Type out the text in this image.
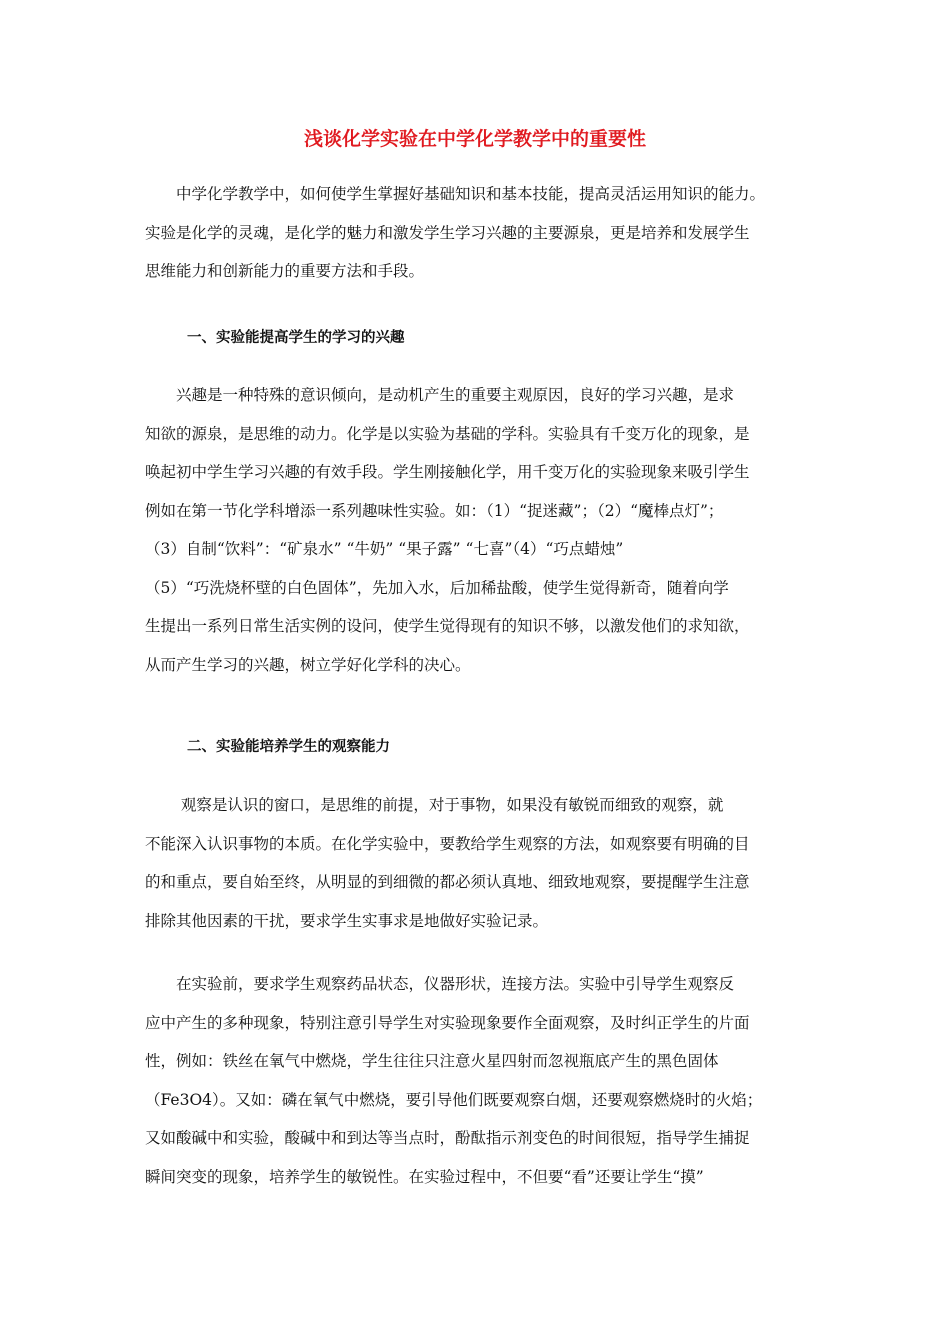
浅谈化学实验在中学化学教学中的重要性
　　中学化学教学中，如何使学生掌握好基础知识和基本技能，提高灵活运用知识的能力。
实验是化学的灵魂，是化学的魅力和激发学生学习兴趣的主要源泉，更是培养和发展学生
思维能力和创新能力的重要方法和手段。
一、实验能提高学生的学习的兴趣
　　兴趣是一种特殊的意识倾向，是动机产生的重要主观原因，良好的学习兴趣，是求
知欲的源泉，是思维的动力。化学是以实验为基础的学科。实验具有千变万化的现象，是
唤起初中学生学习兴趣的有效手段。学生刚接触化学，用千变万化的实验现象来吸引学生
例如在第一节化学科增添一系列趣味性实验。如：（1）“捉迷藏”；（2）“魔棒点灯”；
（3）自制“饮料”：“矿泉水” “牛奶” “果子露” “七喜”（4）“巧点蜡烛”
（5）“巧洗烧杯壁的白色固体”，先加入水，后加稀盐酸，使学生觉得新奇，随着向学
生提出一系列日常生活实例的设问，使学生觉得现有的知识不够，以激发他们的求知欲，
从而产生学习的兴趣，树立学好化学科的决心。
二、实验能培养学生的观察能力
　　 观察是认识的窗口，是思维的前提，对于事物，如果没有敏锐而细致的观察，就
不能深入认识事物的本质。在化学实验中，要教给学生观察的方法，如观察要有明确的目
的和重点，要自始至终，从明显的到细微的都必须认真地、细致地观察，要提醒学生注意
排除其他因素的干扰，要求学生实事求是地做好实验记录。
　　在实验前，要求学生观察药品状态，仪器形状，连接方法。实验中引导学生观察反
应中产生的多种现象，特别注意引导学生对实验现象要作全面观察，及时纠正学生的片面
性，例如：铁丝在氧气中燃烧，学生往往只注意火星四射而忽视瓶底产生的黑色固体
（Fe3O4）。又如：磷在氧气中燃烧，要引导他们既要观察白烟，还要观察燃烧时的火焰；
又如酸碱中和实验，酸碱中和到达等当点时，酚酞指示剂变色的时间很短，指导学生捕捉
瞬间突变的现象，培养学生的敏锐性。在实验过程中，不但要“看”还要让学生“摸”
